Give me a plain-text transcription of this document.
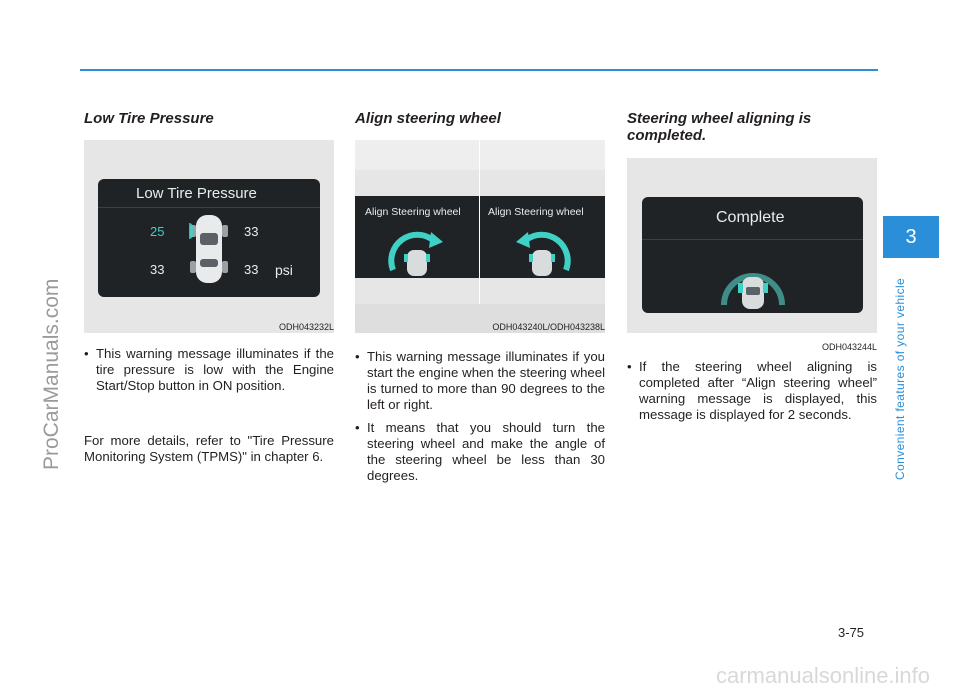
Low Tire Pressure
Low Tire Pressure
25	33
33	33 psi
ODH043232L
• This warning message illuminates if the tire pressure is low with the Engine Start/Stop button in ON position.
For more details, refer to "Tire Pressure Monitoring System (TPMS)" in chapter 6.
Align steering wheel
Align Steering wheel	Align Steering wheel
ODH043240L/ODH043238L
• This warning message illuminates if you start the engine when the steering wheel is turned to more than 90 degrees to the left or right.
• It means that you should turn the steering wheel and make the angle of the steering wheel be less than 30 degrees.
Steering wheel aligning is completed.
Complete
ODH043244L
• If the steering wheel aligning is completed after “Align steering wheel” warning message is displayed, this message is displayed for 2 seconds.
3
Convenient features of your vehicle
ProCarManuals.com
3-75
carmanualsonline.info
